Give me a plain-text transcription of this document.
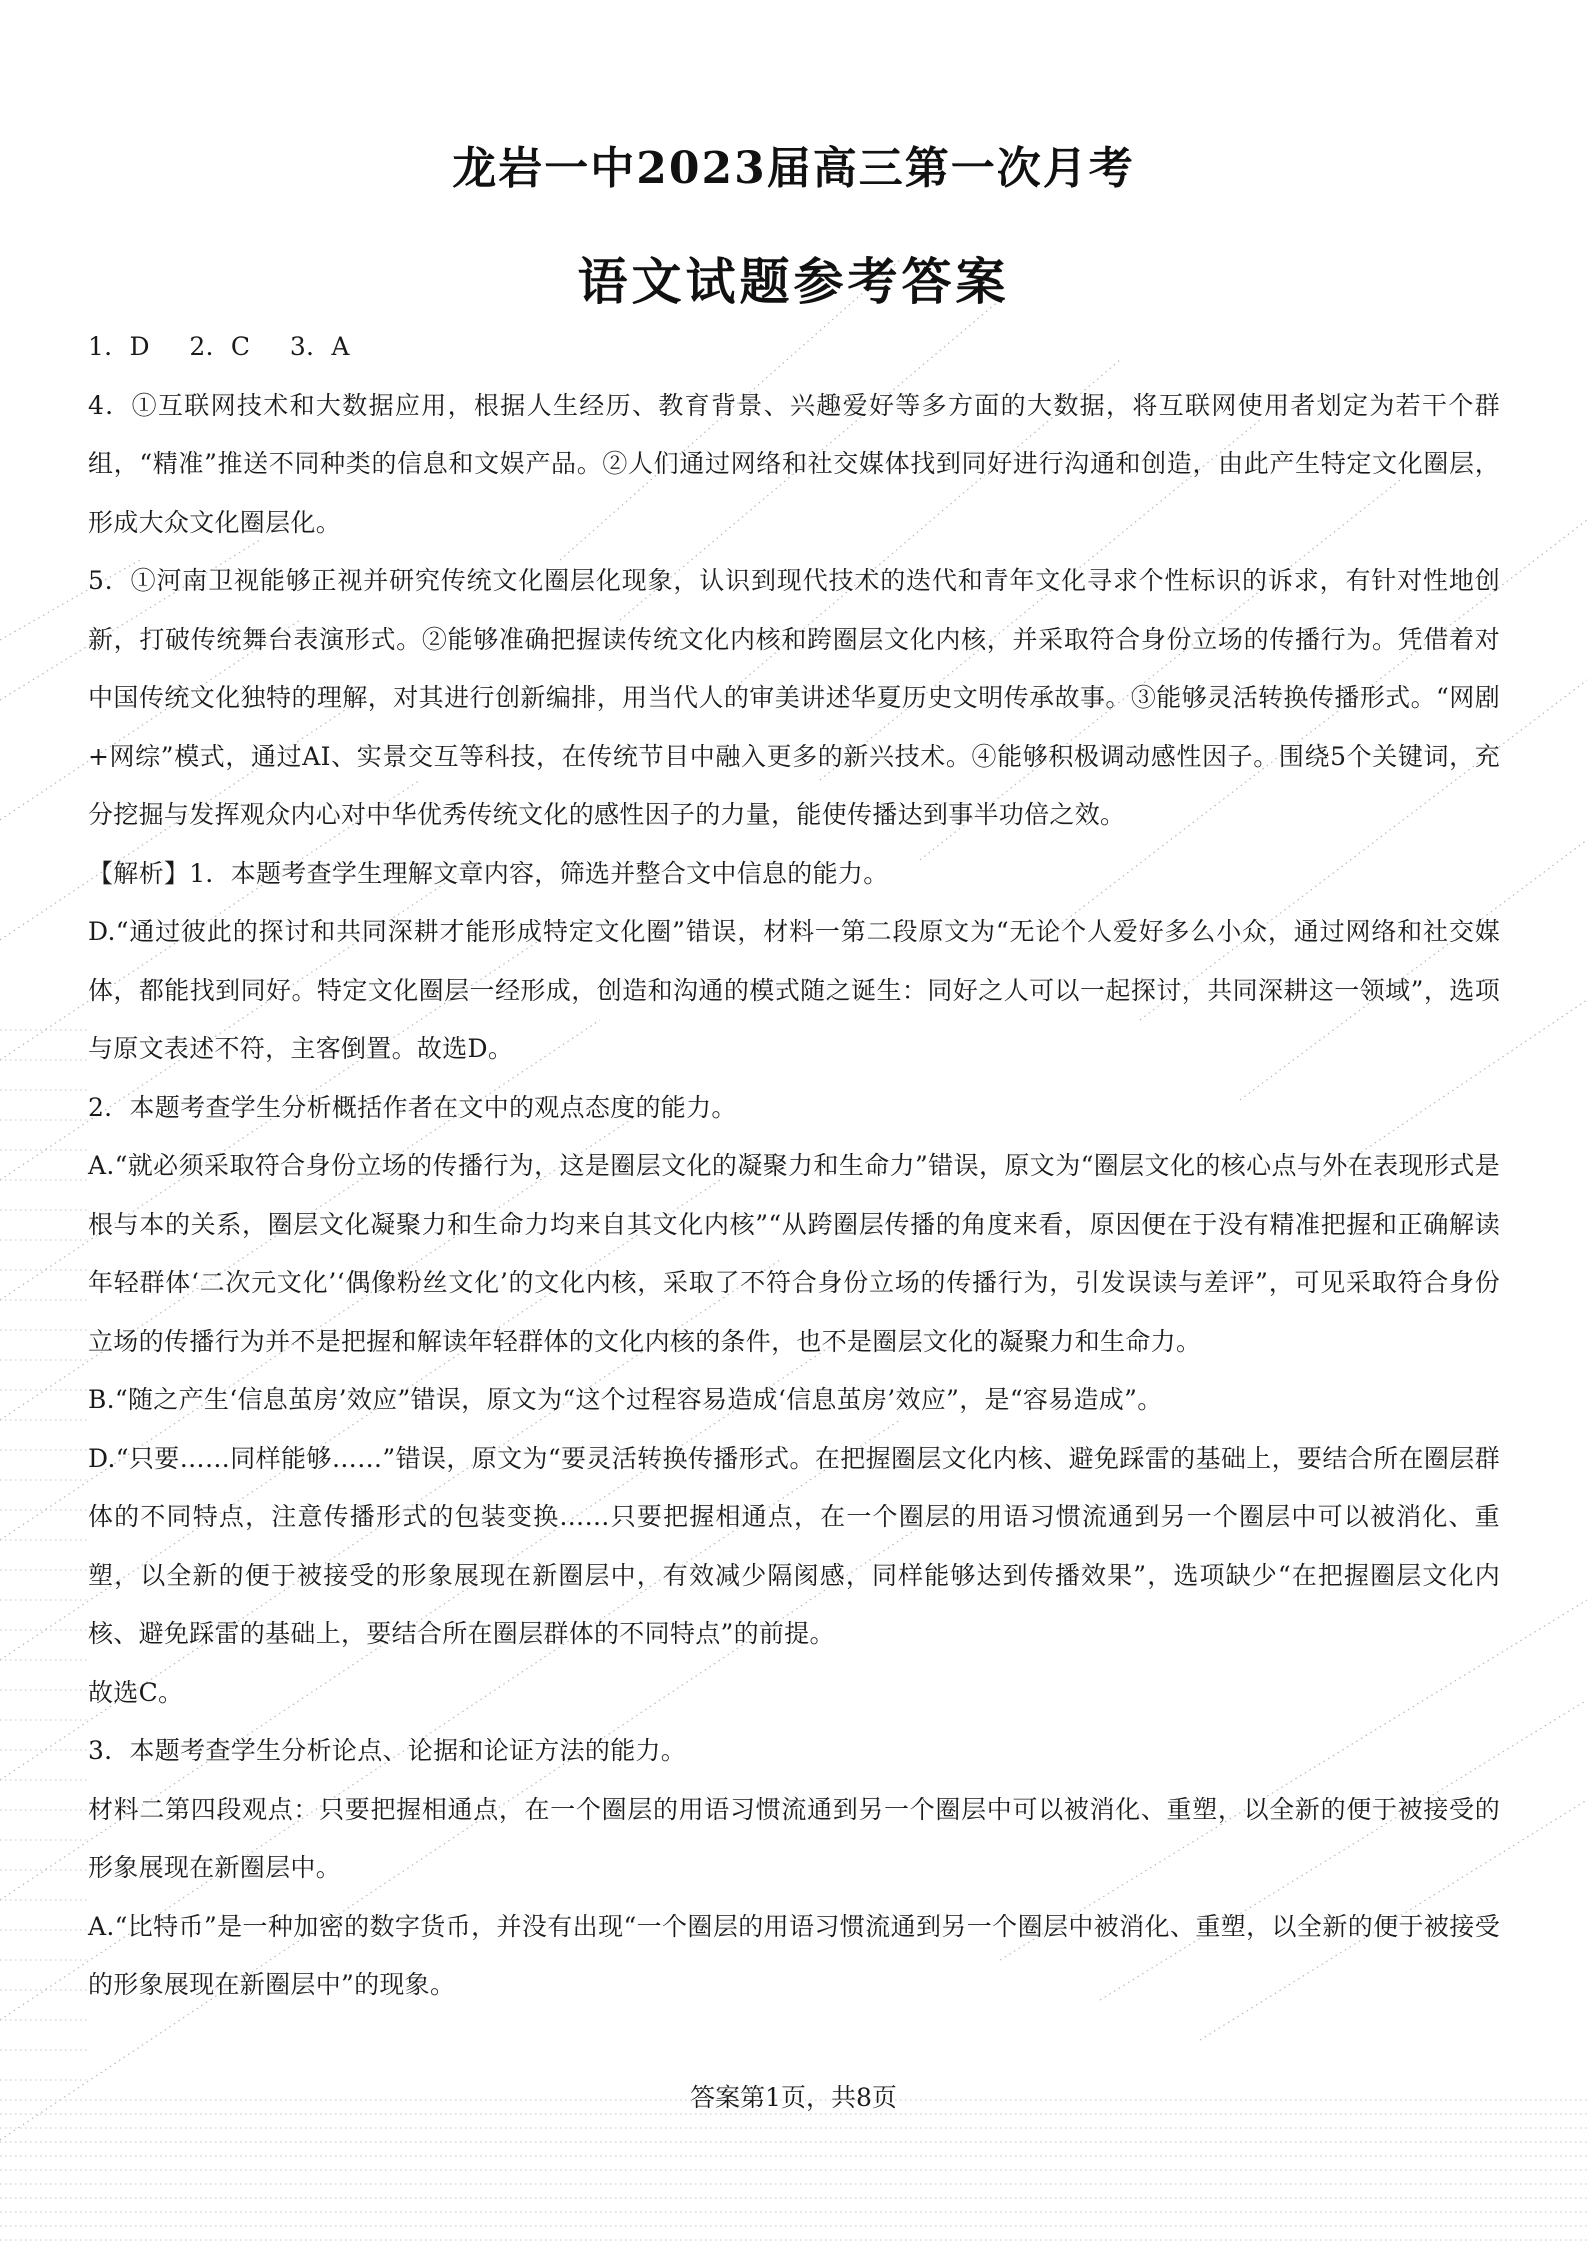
龙岩一中2023届高三第一次月考
语文试题参考答案

1．D　 2．C　 3．A

4．①互联网技术和大数据应用，根据人生经历、教育背景、兴趣爱好等多方面的大数据，将互联网使用者划定为若干个群组，“精准”推送不同种类的信息和文娱产品。②人们通过网络和社交媒体找到同好进行沟通和创造，由此产生特定文化圈层，形成大众文化圈层化。

5．①河南卫视能够正视并研究传统文化圈层化现象，认识到现代技术的迭代和青年文化寻求个性标识的诉求，有针对性地创新，打破传统舞台表演形式。②能够准确把握读传统文化内核和跨圈层文化内核，并采取符合身份立场的传播行为。凭借着对中国传统文化独特的理解，对其进行创新编排，用当代人的审美讲述华夏历史文明传承故事。③能够灵活转换传播形式。“网剧+网综”模式，通过AI、实景交互等科技，在传统节目中融入更多的新兴技术。④能够积极调动感性因子。围绕5个关键词，充分挖掘与发挥观众内心对中华优秀传统文化的感性因子的力量，能使传播达到事半功倍之效。

【解析】1．本题考查学生理解文章内容，筛选并整合文中信息的能力。

D.“通过彼此的探讨和共同深耕才能形成特定文化圈”错误，材料一第二段原文为“无论个人爱好多么小众，通过网络和社交媒体，都能找到同好。特定文化圈层一经形成，创造和沟通的模式随之诞生：同好之人可以一起探讨，共同深耕这一领域”，选项与原文表述不符，主客倒置。故选D。

2．本题考查学生分析概括作者在文中的观点态度的能力。

A.“就必须采取符合身份立场的传播行为，这是圈层文化的凝聚力和生命力”错误，原文为“圈层文化的核心点与外在表现形式是根与本的关系，圈层文化凝聚力和生命力均来自其文化内核”“从跨圈层传播的角度来看，原因便在于没有精准把握和正确解读年轻群体‘二次元文化’‘偶像粉丝文化’的文化内核，采取了不符合身份立场的传播行为，引发误读与差评”，可见采取符合身份立场的传播行为并不是把握和解读年轻群体的文化内核的条件，也不是圈层文化的凝聚力和生命力。

B.“随之产生‘信息茧房’效应”错误，原文为“这个过程容易造成‘信息茧房’效应”，是“容易造成”。

D.“只要……同样能够……”错误，原文为“要灵活转换传播形式。在把握圈层文化内核、避免踩雷的基础上，要结合所在圈层群体的不同特点，注意传播形式的包装变换……只要把握相通点，在一个圈层的用语习惯流通到另一个圈层中可以被消化、重塑，以全新的便于被接受的形象展现在新圈层中，有效减少隔阂感，同样能够达到传播效果”，选项缺少“在把握圈层文化内核、避免踩雷的基础上，要结合所在圈层群体的不同特点”的前提。

故选C。

3．本题考查学生分析论点、论据和论证方法的能力。

材料二第四段观点：只要把握相通点，在一个圈层的用语习惯流通到另一个圈层中可以被消化、重塑，以全新的便于被接受的形象展现在新圈层中。

A.“比特币”是一种加密的数字货币，并没有出现“一个圈层的用语习惯流通到另一个圈层中被消化、重塑，以全新的便于被接受的形象展现在新圈层中”的现象。

答案第1页，共8页
